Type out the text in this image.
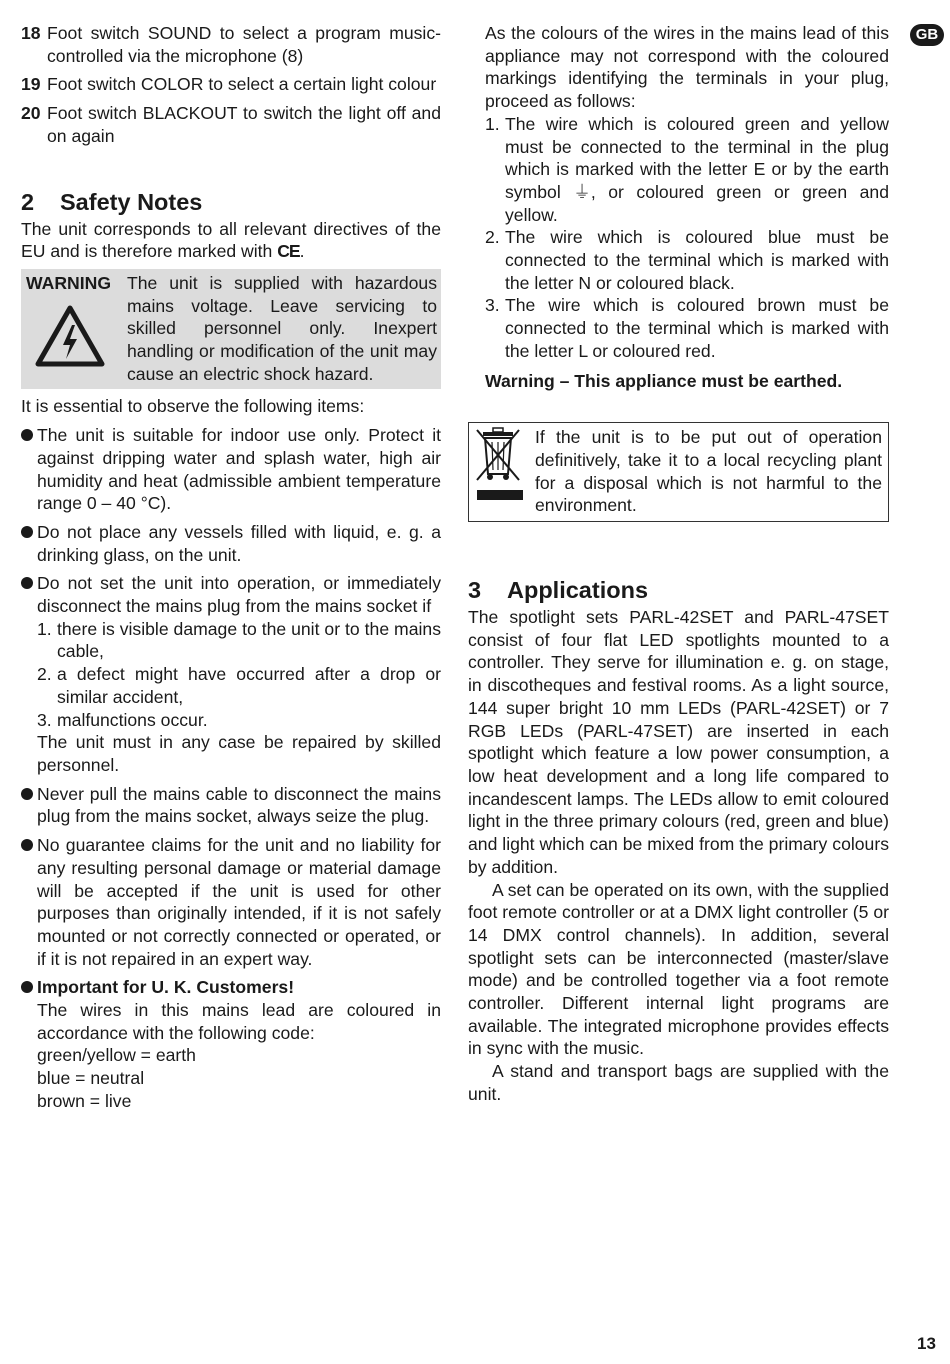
GB
18 Foot switch SOUND to select a program music-controlled via the microphone (8)
19 Foot switch COLOR to select a certain light colour
20 Foot switch BLACKOUT to switch the light off and on again
2	Safety Notes

The unit corresponds to all relevant directives of the EU and is therefore marked with CE.

WARNING The unit is supplied with hazardous mains voltage. Leave servicing to skilled personnel only. Inexpert handling or modification of the unit may cause an electric shock hazard.

It is essential to observe the following items:

The unit is suitable for indoor use only. Protect it against dripping water and splash water, high air humidity and heat (admissible ambient temperature range 0 – 40 °C).
Do not place any vessels filled with liquid, e. g. a drinking glass, on the unit.

Do not set the unit into operation, or immediately disconnect the mains plug from the mains socket if

1. there is visible damage to the unit or to the mains cable,
2. a defect might have occurred after a drop or similar accident,
3. malfunctions occur.

The unit must in any case be repaired by skilled personnel.

Never pull the mains cable to disconnect the mains plug from the mains socket, always seize the plug.
No guarantee claims for the unit and no liability for any resulting personal damage or material damage will be accepted if the unit is used for other purposes than originally intended, if it is not safely mounted or not correctly connected or operated, or if it is not repaired in an expert way.

Important for U. K. Customers!

The wires in this mains lead are coloured in accordance with the following code:

green/yellow = earth

blue = neutral

brown = live

As the colours of the wires in the mains lead of this appliance may not correspond with the coloured markings identifying the terminals in your plug, proceed as follows:

1. The wire which is coloured green and yellow must be connected to the terminal in the plug which is marked with the letter E or by the earth symbol ⏚, or coloured green or green and yellow.
2. The wire which is coloured blue must be connected to the terminal which is marked with the letter N or coloured black.
3. The wire which is coloured brown must be connected to the terminal which is marked with the letter L or coloured red.

Warning – This appliance must be earthed.

If the unit is to be put out of operation definitively, take it to a local recycling plant for a disposal which is not harmful to the environment.
3	Applications

The spotlight sets PARL-42SET and PARL-47SET consist of four flat LED spotlights mounted to a controller. They serve for illumination e. g. on stage, in discotheques and festival rooms. As a light source, 144 super bright 10 mm LEDs (PARL-42SET) or 7 RGB LEDs (PARL-47SET) are inserted in each spotlight which feature a low power consumption, a low heat development and a long life compared to incandescent lamps. The LEDs allow to emit coloured light in the three primary colours (red, green and blue) and light which can be mixed from the primary colours by addition.

A set can be operated on its own, with the supplied foot remote controller or at a DMX light controller (5 or 14 DMX control channels). In addition, several spotlight sets can be interconnected (master/slave mode) and be controlled together via a foot remote controller. Different internal light programs are available. The integrated microphone provides effects in sync with the music.

A stand and transport bags are supplied with the unit.

13
